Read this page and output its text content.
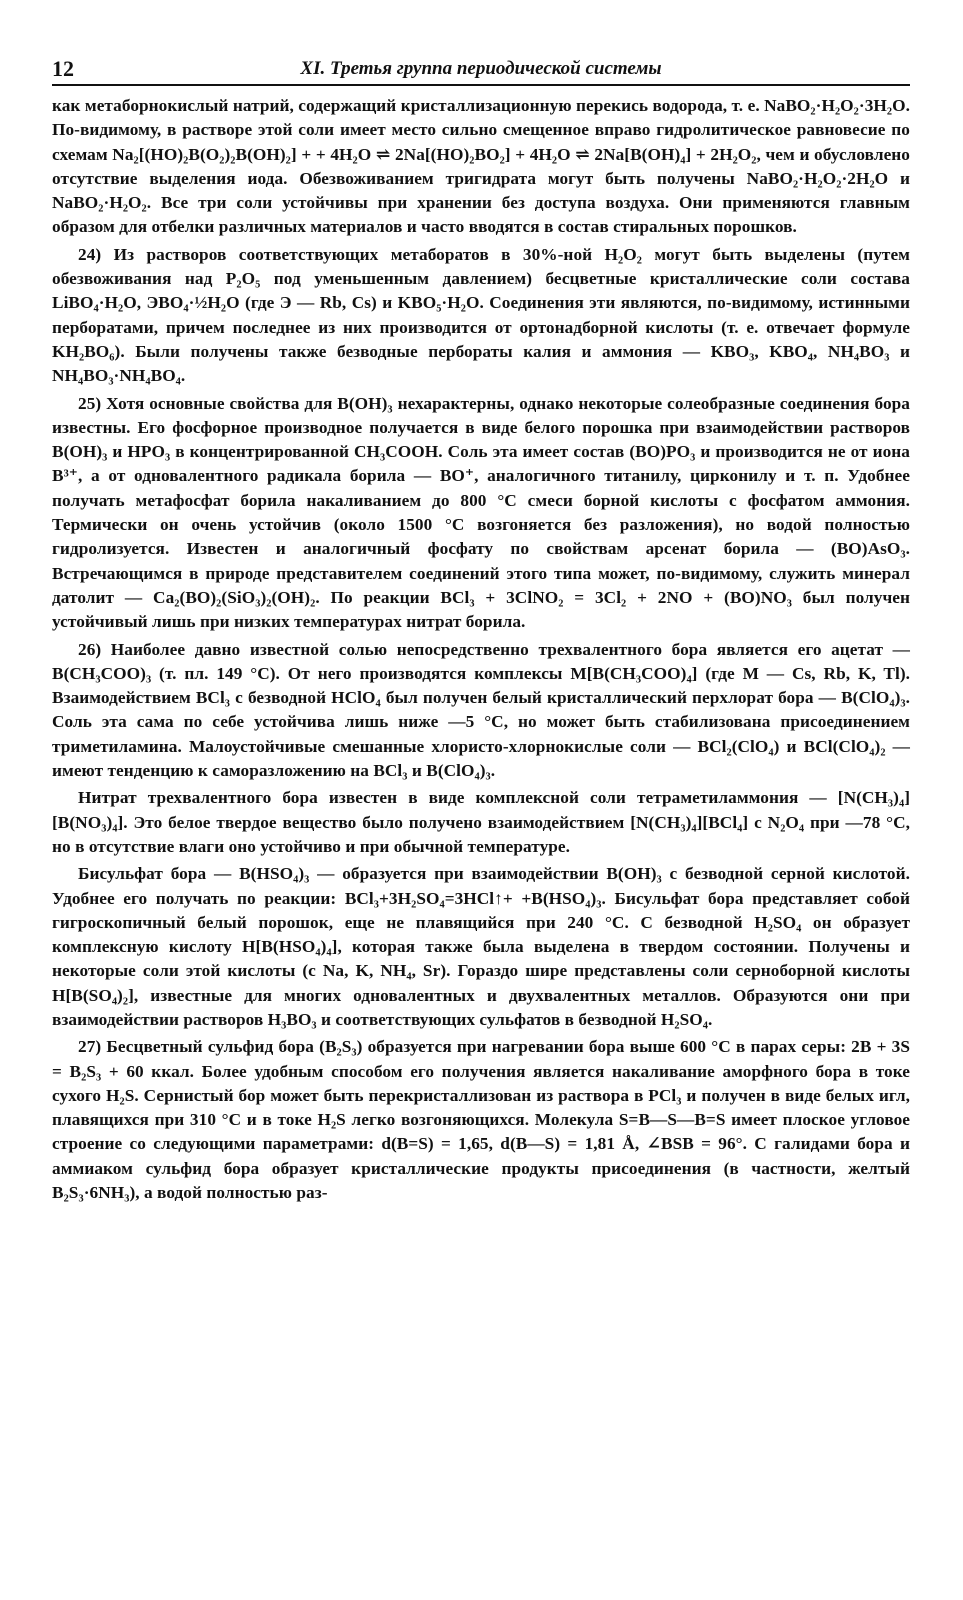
12	XI. Третья группа периодической системы

как метаборнокислый натрий, содержащий кристаллизационную перекись водорода, т. е. NaBO₂·H₂O₂·3H₂O. По-видимому, в растворе этой соли имеет место сильно смещенное вправо гидролитическое равновесие по схемам Na₂[(HO)₂B(O₂)₂B(OH)₂] + + 4H₂O ⇌ 2Na[(HO)₂BO₂] + 4H₂O ⇌ 2Na[B(OH)₄] + 2H₂O₂, чем и обусловлено отсутствие выделения иода. Обезвоживанием тригидрата могут быть получены NaBO₂·H₂O₂·2H₂O и NaBO₂·H₂O₂. Все три соли устойчивы при хранении без доступа воздуха. Они применяются главным образом для отбелки различных материалов и часто вводятся в состав стиральных порошков.

24) Из растворов соответствующих метаборатов в 30%-ной H₂O₂ могут быть выделены (путем обезвоживания над P₂O₅ под уменьшенным давлением) бесцветные кристаллические соли состава LiBO₄·H₂O, ЭBO₄·½H₂O (где Э — Rb, Cs) и KBO₅·H₂O. Соединения эти являются, по-видимому, истинными перборатами, причем последнее из них производится от ортонадборной кислоты (т. е. отвечает формуле KH₂BO₆). Были получены также безводные пербораты калия и аммония — KBO₃, KBO₄, NH₄BO₃ и NH₄BO₃·NH₄BO₄.

25) Хотя основные свойства для B(OH)₃ нехарактерны, однако некоторые солеобразные соединения бора известны. Его фосфорное производное получается в виде белого порошка при взаимодействии растворов B(OH)₃ и HPO₃ в концентрированной CH₃COOH. Соль эта имеет состав (BO)PO₃ и производится не от иона B³⁺, а от одновалентного радикала борила — BO⁺, аналогичного титанилу, цирконилу и т. п. Удобнее получать метафосфат борила накаливанием до 800 °C смеси борной кислоты с фосфатом аммония. Термически он очень устойчив (около 1500 °C возгоняется без разложения), но водой полностью гидролизуется. Известен и аналогичный фосфату по свойствам арсенат борила — (BO)AsO₃. Встречающимся в природе представителем соединений этого типа может, по-видимому, служить минерал датолит — Ca₂(BO)₂(SiO₃)₂(OH)₂. По реакции BCl₃ + 3ClNO₂ = 3Cl₂ + 2NO + (BO)NO₃ был получен устойчивый лишь при низких температурах нитрат борила.

26) Наиболее давно известной солью непосредственно трехвалентного бора является его ацетат — B(CH₃COO)₃ (т. пл. 149 °C). От него производятся комплексы M[B(CH₃COO)₄] (где M — Cs, Rb, K, Tl). Взаимодействием BCl₃ с безводной HClO₄ был получен белый кристаллический перхлорат бора — B(ClO₄)₃. Соль эта сама по себе устойчива лишь ниже —5 °C, но может быть стабилизована присоединением триметиламина. Малоустойчивые смешанные хлористо-хлорнокислые соли — BCl₂(ClO₄) и BCl(ClO₄)₂ — имеют тенденцию к саморазложению на BCl₃ и B(ClO₄)₃.

Нитрат трехвалентного бора известен в виде комплексной соли тетраметиламмония — [N(CH₃)₄][B(NO₃)₄]. Это белое твердое вещество было получено взаимодействием [N(CH₃)₄][BCl₄] с N₂O₄ при —78 °C, но в отсутствие влаги оно устойчиво и при обычной температуре.

Бисульфат бора — B(HSO₄)₃ — образуется при взаимодействии B(OH)₃ с безводной серной кислотой. Удобнее его получать по реакции: BCl₃+3H₂SO₄=3HCl↑+ +B(HSO₄)₃. Бисульфат бора представляет собой гигроскопичный белый порошок, еще не плавящийся при 240 °C. С безводной H₂SO₄ он образует комплексную кислоту H[B(HSO₄)₄], которая также была выделена в твердом состоянии. Получены и некоторые соли этой кислоты (с Na, K, NH₄, Sr). Гораздо шире представлены соли сернoборной кислоты H[B(SO₄)₂], известные для многих одновалентных и двухвалентных металлов. Образуются они при взаимодействии растворов H₃BO₃ и соответствующих сульфатов в безводной H₂SO₄.

27) Бесцветный сульфид бора (B₂S₃) образуется при нагревании бора выше 600 °C в парах серы: 2B + 3S = B₂S₃ + 60 ккал. Более удобным способом его получения является накаливание аморфного бора в токе сухого H₂S. Сернистый бор может быть перекристаллизован из раствора в PCl₃ и получен в виде белых игл, плавящихся при 310 °C и в токе H₂S легко возгоняющихся. Молекула S=B—S—B=S имеет плоское угловое строение со следующими параметрами: d(B=S) = 1,65, d(B—S) = 1,81 Å, ∠BSB = 96°. С галидами бора и аммиаком сульфид бора образует кристаллические продукты присоединения (в частности, желтый B₂S₃·6NH₃), а водой полностью раз-
